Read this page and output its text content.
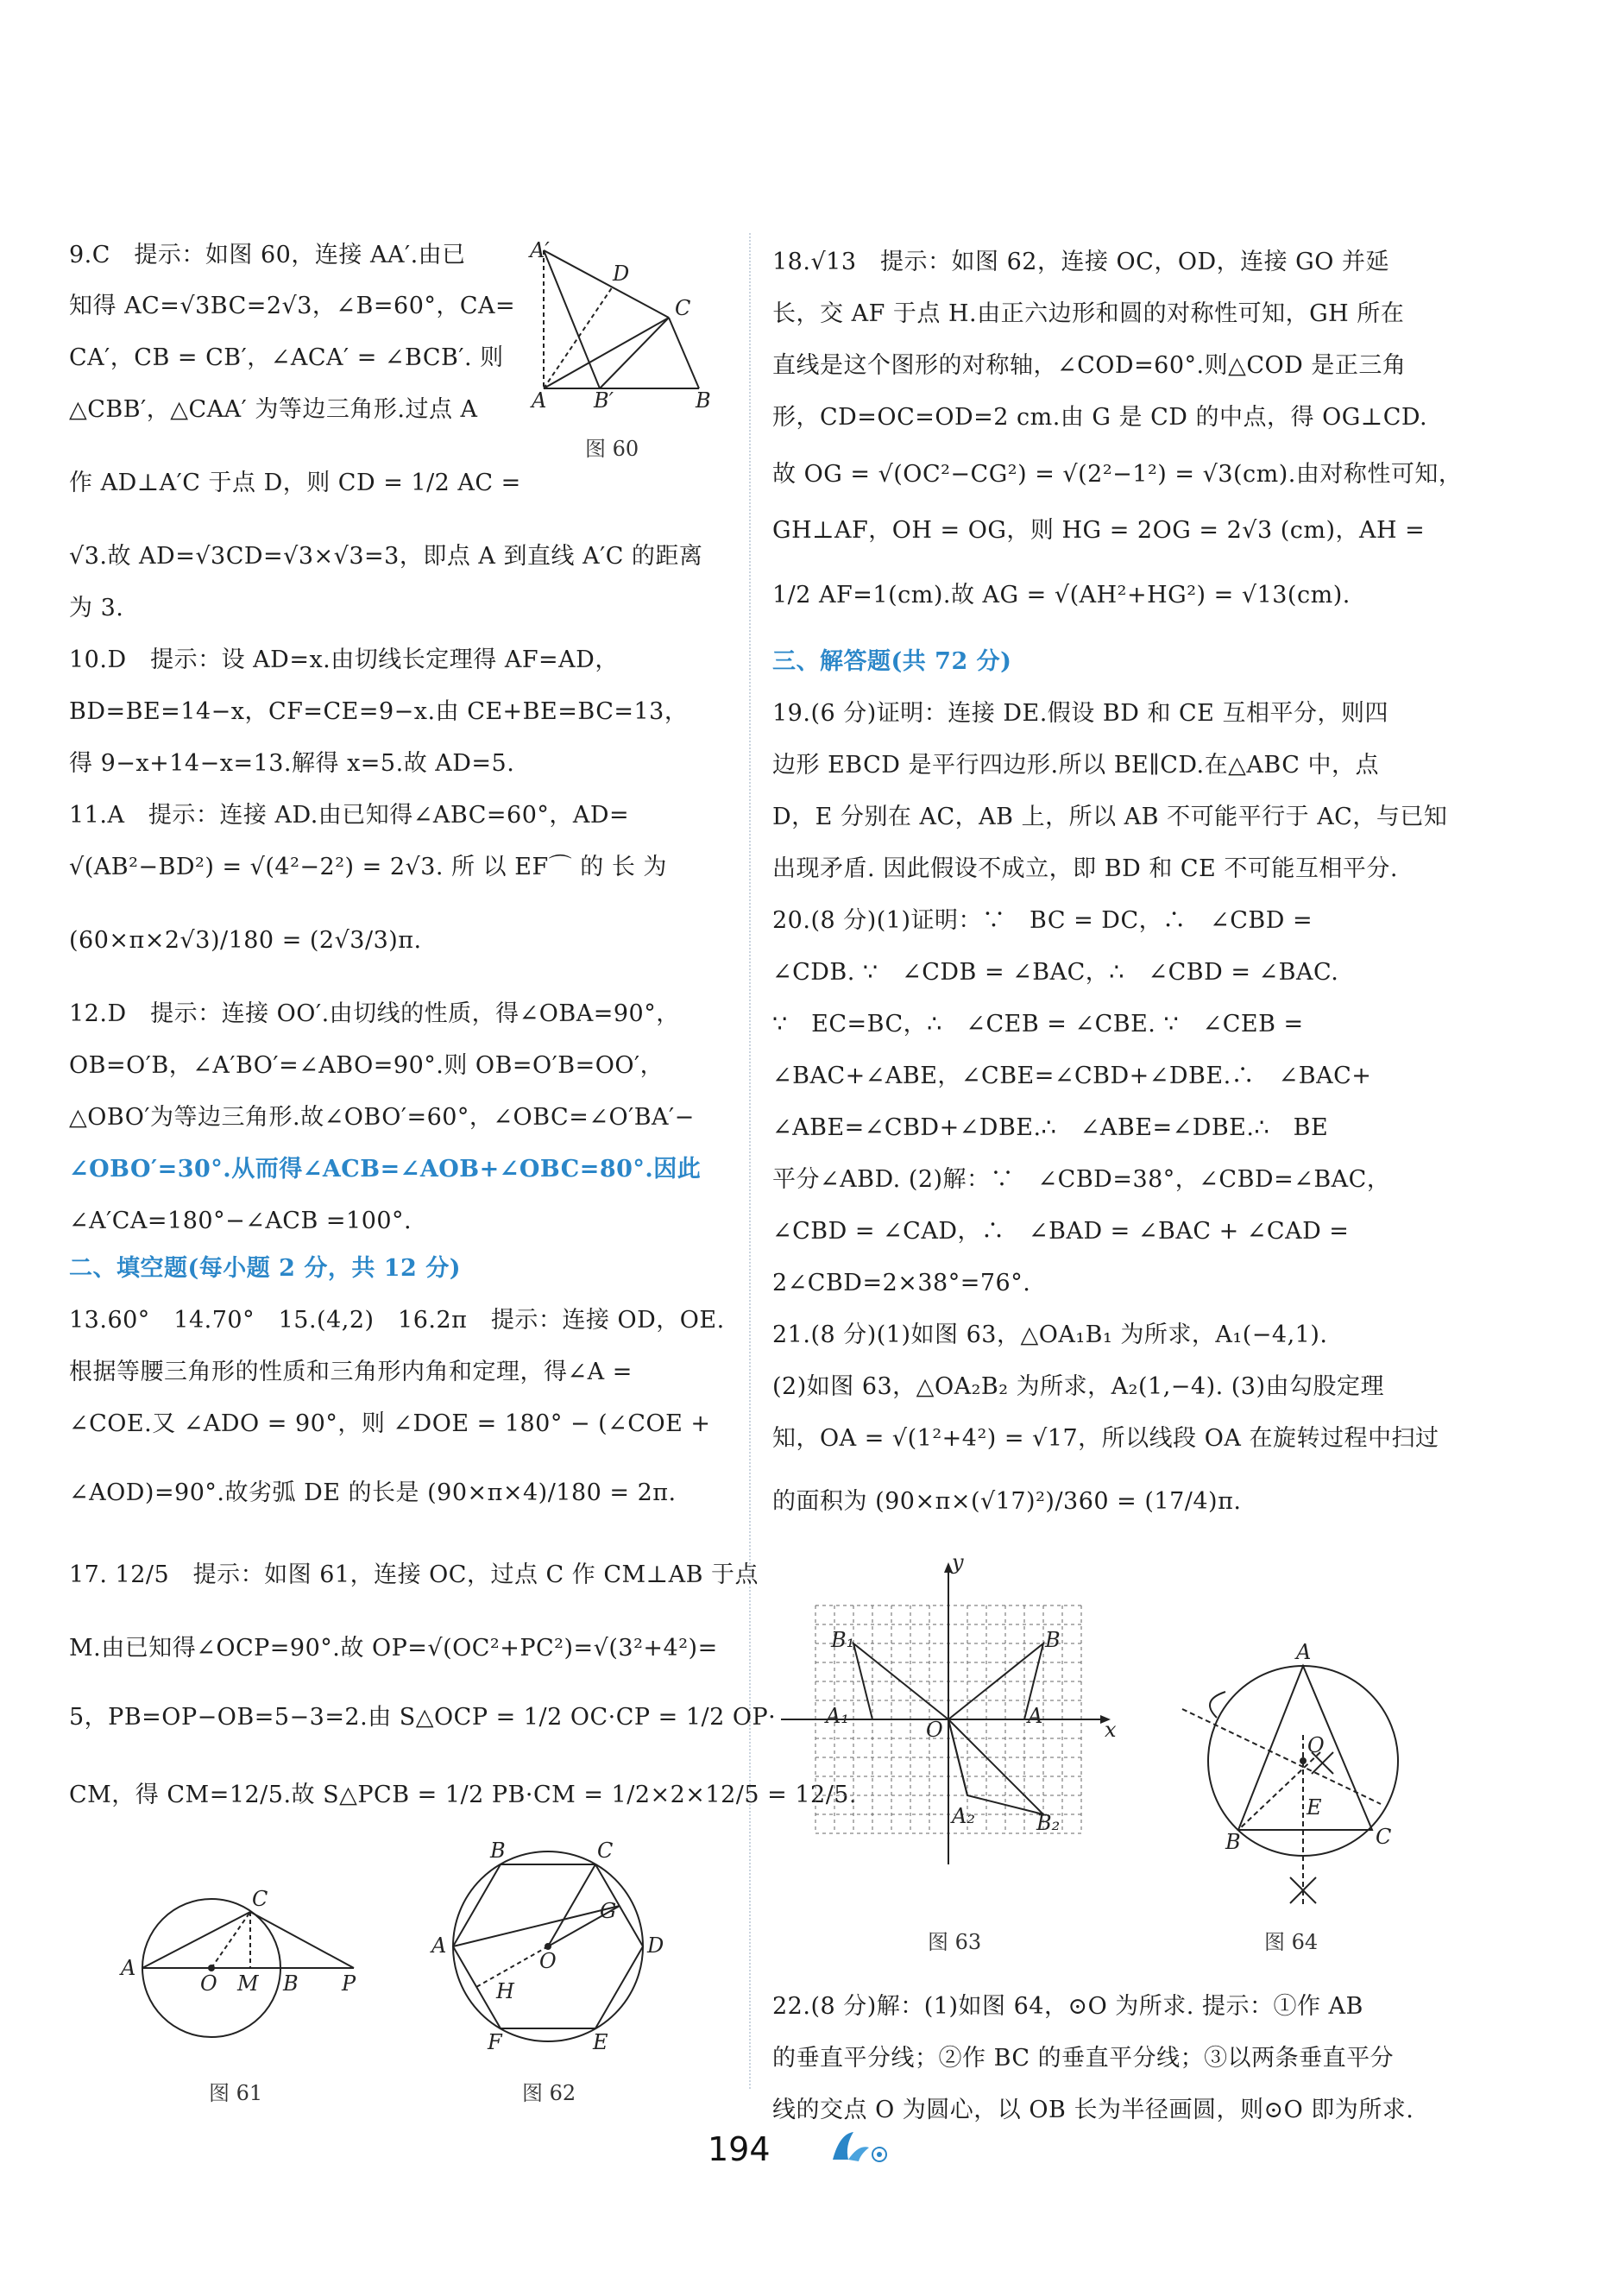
9.C　提示：如图 60，连接 AA′.由已
知得 AC=√3BC=2√3，∠B=60°，CA=
CA′，CB = CB′，∠ACA′ = ∠BCB′. 则
△CBB′，△CAA′ 为等边三角形.过点 A
作 AD⊥A′C 于点 D，则 CD = 1/2 AC =
√3.故 AD=√3CD=√3×√3=3，即点 A 到直线 A′C 的距离
为 3.
10.D　提示：设 AD=x.由切线长定理得 AF=AD，
BD=BE=14−x，CF=CE=9−x.由 CE+BE=BC=13，
得 9−x+14−x=13.解得 x=5.故 AD=5.
11.A　提示：连接 AD.由已知得∠ABC=60°，AD=
√(AB²−BD²) = √(4²−2²) = 2√3. 所 以 EF⌒ 的 长 为
(60×π×2√3)/180 = (2√3/3)π.
12.D　提示：连接 OO′.由切线的性质，得∠OBA=90°，
OB=O′B，∠A′BO′=∠ABO=90°.则 OB=O′B=OO′，
△OBO′为等边三角形.故∠OBO′=60°，∠OBC=∠O′BA′−
∠OBO′=30°.从而得∠ACB=∠AOB+∠OBC=80°.因此
∠A′CA=180°−∠ACB =100°.
二、填空题(每小题 2 分，共 12 分)
13.60°　14.70°　15.(4,2)　16.2π　提示：连接 OD，OE.
根据等腰三角形的性质和三角形内角和定理，得∠A =
∠COE.又 ∠ADO = 90°，则 ∠DOE = 180° − (∠COE +
∠AOD)=90°.故劣弧 DE 的长是 (90×π×4)/180 = 2π.
17. 12/5　提示：如图 61，连接 OC，过点 C 作 CM⊥AB 于点
M.由已知得∠OCP=90°.故 OP=√(OC²+PC²)=√(3²+4²)=
5，PB=OP−OB=5−3=2.由 S△OCP = 1/2 OC·CP = 1/2 OP·
CM，得 CM=12/5.故 S△PCB = 1/2 PB·CM = 1/2×2×12/5 = 12/5.
A′
D
C
A B′	B
图 60
A
O M B P
C
图 61
B	C
A	D
G
O
H
F	E
图 62
18.√13　提示：如图 62，连接 OC，OD，连接 GO 并延
长，交 AF 于点 H.由正六边形和圆的对称性可知，GH 所在
直线是这个图形的对称轴，∠COD=60°.则△COD 是正三角
形，CD=OC=OD=2 cm.由 G 是 CD 的中点，得 OG⊥CD.
故 OG = √(OC²−CG²) = √(2²−1²) = √3(cm).由对称性可知，
GH⊥AF，OH = OG，则 HG = 2OG = 2√3 (cm)，AH =
1/2 AF=1(cm).故 AG = √(AH²+HG²) = √13(cm).
三、解答题(共 72 分)
19.(6 分)证明：连接 DE.假设 BD 和 CE 互相平分，则四
边形 EBCD 是平行四边形.所以 BE∥CD.在△ABC 中，点
D，E 分别在 AC，AB 上，所以 AB 不可能平行于 AC，与已知
出现矛盾. 因此假设不成立，即 BD 和 CE 不可能互相平分.
20.(8 分)(1)证明：∵　BC = DC，∴　∠CBD =
∠CDB. ∵　∠CDB = ∠BAC，∴　∠CBD = ∠BAC.
∵　EC=BC，∴　∠CEB = ∠CBE. ∵　∠CEB =
∠BAC+∠ABE，∠CBE=∠CBD+∠DBE.∴　∠BAC+
∠ABE=∠CBD+∠DBE.∴　∠ABE=∠DBE.∴　BE
平分∠ABD. (2)解：∵　∠CBD=38°，∠CBD=∠BAC，
∠CBD = ∠CAD，∴　∠BAD = ∠BAC + ∠CAD =
2∠CBD=2×38°=76°.
21.(8 分)(1)如图 63，△OA₁B₁ 为所求，A₁(−4,1).
(2)如图 63，△OA₂B₂ 为所求，A₂(1,−4). (3)由勾股定理
知，OA = √(1²+4²) = √17，所以线段 OA 在旋转过程中扫过
的面积为 (90×π×(√17)²)/360 = (17/4)π.
22.(8 分)解：(1)如图 64，⊙O 为所求. 提示：①作 AB
的垂直平分线；②作 BC 的垂直平分线；③以两条垂直平分
线的交点 O 为圆心，以 OB 长为半径画圆，则⊙O 即为所求.
y
x
O
B₁	B
A₁	A
A₂	B₂
图 63
A
B	C
O
E
图 64
194
